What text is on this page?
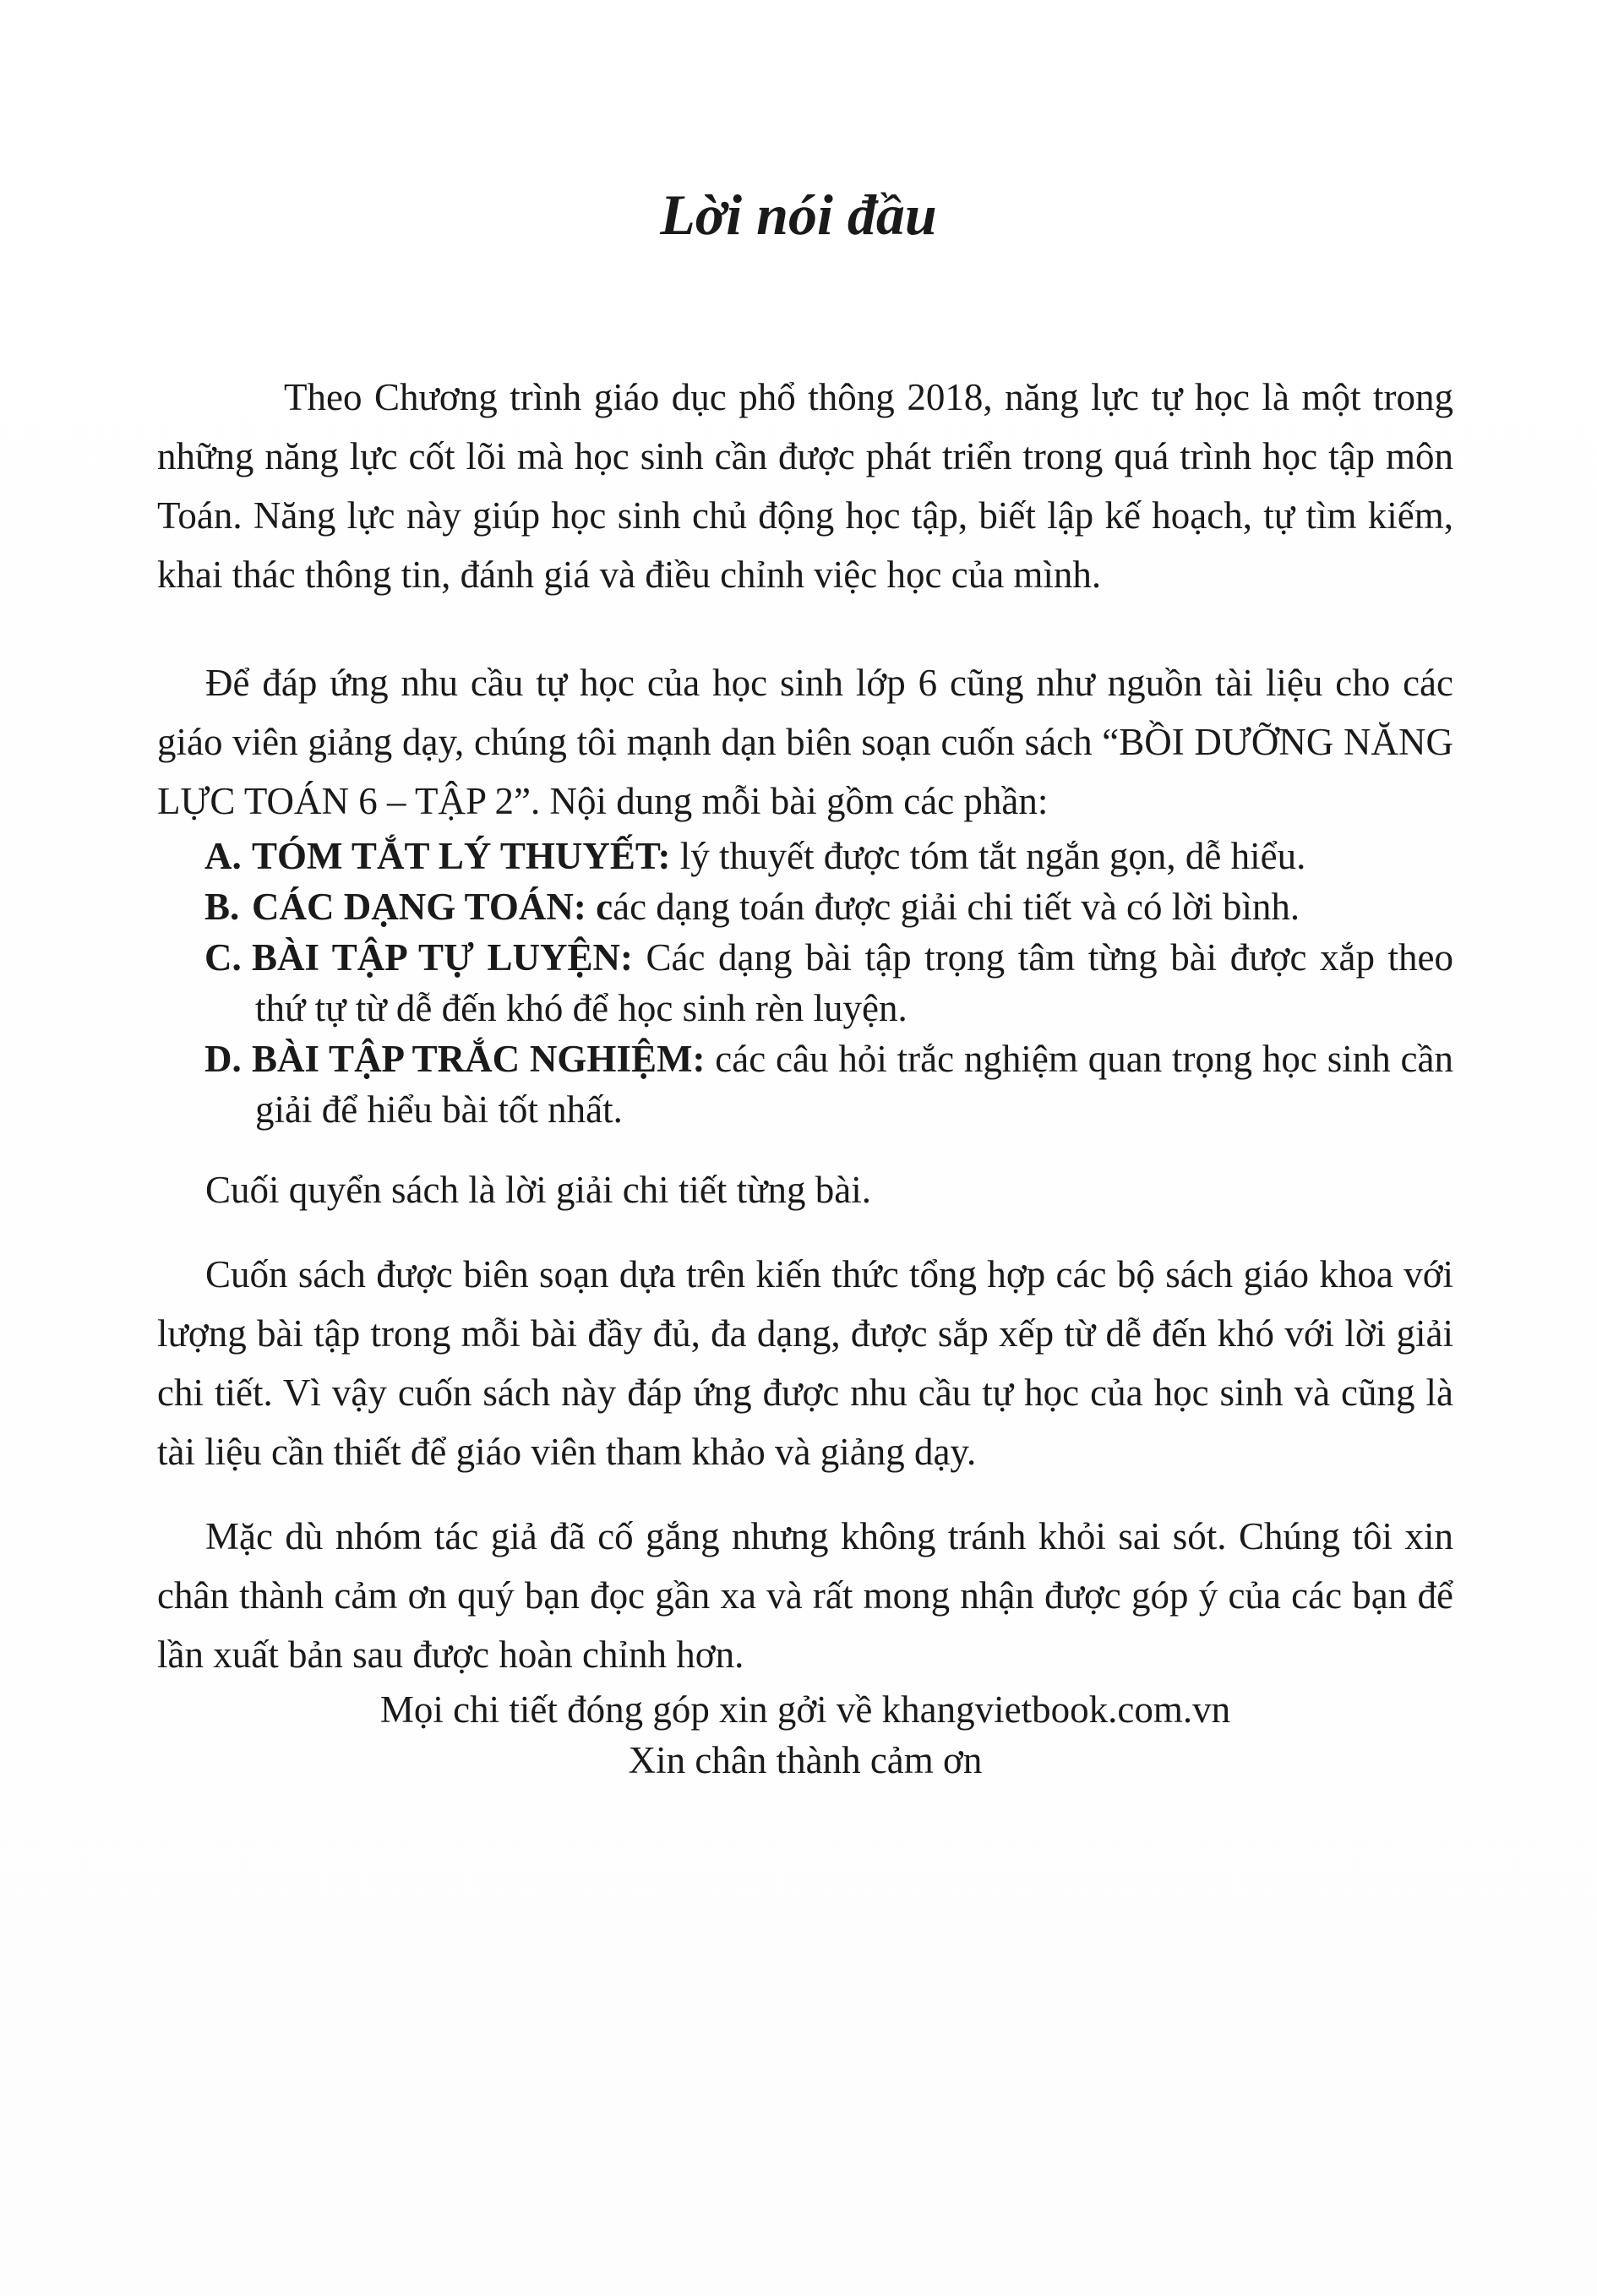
Lời nói đầu

Theo Chương trình giáo dục phổ thông 2018, năng lực tự học là một trong những năng lực cốt lõi mà học sinh cần được phát triển trong quá trình học tập môn Toán. Năng lực này giúp học sinh chủ động học tập, biết lập kế hoạch, tự tìm kiếm, khai thác thông tin, đánh giá và điều chỉnh việc học của mình.

Để đáp ứng nhu cầu tự học của học sinh lớp 6 cũng như nguồn tài liệu cho các giáo viên giảng dạy, chúng tôi mạnh dạn biên soạn cuốn sách “BỒI DƯỠNG NĂNG LỰC TOÁN 6 – TẬP 2”. Nội dung mỗi bài gồm các phần:

A. TÓM TẮT LÝ THUYẾT: lý thuyết được tóm tắt ngắn gọn, dễ hiểu.

B. CÁC DẠNG TOÁN: các dạng toán được giải chi tiết và có lời bình.

C. BÀI TẬP TỰ LUYỆN: Các dạng bài tập trọng tâm từng bài được xắp theo thứ tự từ dễ đến khó để học sinh rèn luyện.

D. BÀI TẬP TRẮC NGHIỆM: các câu hỏi trắc nghiệm quan trọng học sinh cần giải để hiểu bài tốt nhất.

Cuối quyển sách là lời giải chi tiết từng bài.

Cuốn sách được biên soạn dựa trên kiến thức tổng hợp các bộ sách giáo khoa với lượng bài tập trong mỗi bài đầy đủ, đa dạng, được sắp xếp từ dễ đến khó với lời giải chi tiết. Vì vậy cuốn sách này đáp ứng được nhu cầu tự học của học sinh và cũng là tài liệu cần thiết để giáo viên tham khảo và giảng dạy.

Mặc dù nhóm tác giả đã cố gắng nhưng không tránh khỏi sai sót. Chúng tôi xin chân thành cảm ơn quý bạn đọc gần xa và rất mong nhận được góp ý của các bạn để lần xuất bản sau được hoàn chỉnh hơn.

Mọi chi tiết đóng góp xin gởi về khangvietbook.com.vn

Xin chân thành cảm ơn
